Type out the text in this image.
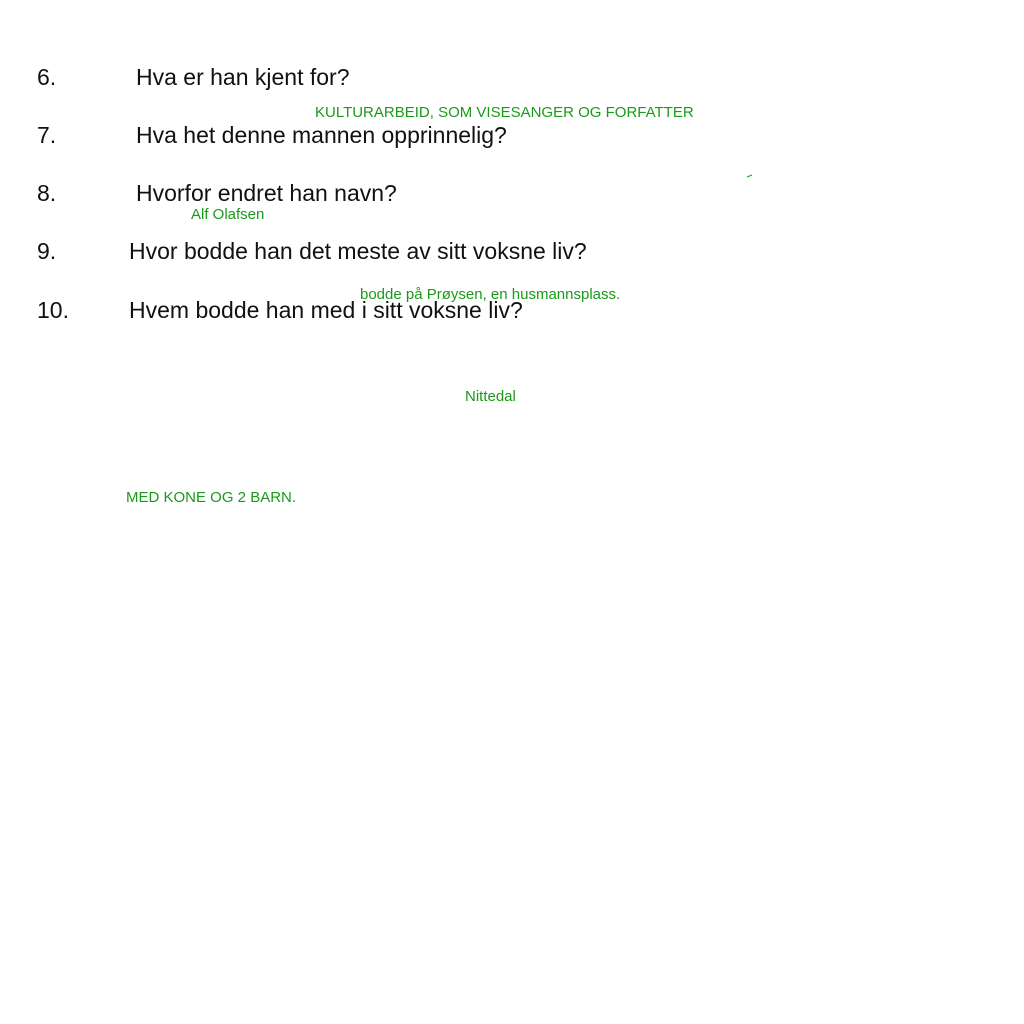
6.	Hva er han kjent for?
7.	Hva het denne mannen opprinnelig?
8.	Hvorfor endret han navn?
9.	Hvor bodde han det meste av sitt voksne liv?
10.	Hvem bodde han med i sitt voksne liv?
KULTURARBEID, SOM VISESANGER OG FORFATTER
Alf Olafsen
bodde på Prøysen, en husmannsplass.
Nittedal
MED KONE OG 2 BARN.
